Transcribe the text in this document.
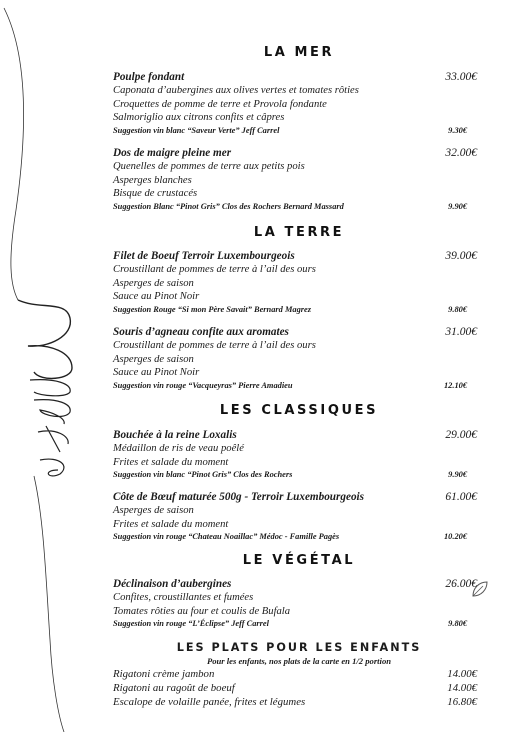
Plats
LA MER
Poulpe fondant	33.00€
Caponata d’aubergines aux olives vertes et tomates rôties
Croquettes de pomme de terre et Provola fondante
Salmoriglio aux citrons confits et câpres
Suggestion vin blanc “Saveur Verte” Jeff Carrel	9.30€
Dos de maigre pleine mer	32.00€
Quenelles de pommes de terre aux petits pois
Asperges blanches
Bisque de crustacés
Suggestion Blanc “Pinot Gris” Clos des Rochers Bernard Massard	9.90€
LA TERRE
Filet de Boeuf Terroir Luxembourgeois	39.00€
Croustillant de pommes de terre à l’ail des ours
Asperges de saison
Sauce au Pinot Noir
Suggestion Rouge “Si mon Père Savait” Bernard Magrez	9.80€
Souris d’agneau confite aux aromates	31.00€
Croustillant de pommes de terre à l’ail des ours
Asperges de saison
Sauce au Pinot Noir
Suggestion vin rouge “Vacqueyras” Pierre Amadieu	12.10€
LES CLASSIQUES
Bouchée à la reine Loxalis	29.00€
Médaillon de ris de veau poêlé
Frites et salade du moment
Suggestion vin blanc “Pinot Gris” Clos des Rochers	9.90€
Côte de Bœuf maturée 500g - Terroir Luxembourgeois	61.00€
Asperges de saison
Frites et salade du moment
Suggestion vin rouge “Chateau Noaillac” Médoc - Famille Pagès	10.20€
LE VÉGÉTAL
Déclinaison d’aubergines	26.00€
Confites, croustillantes et fumées
Tomates rôties au four et coulis de Bufala
Suggestion vin rouge “L’Éclipse” Jeff Carrel	9.80€
LES PLATS POUR LES ENFANTS
Pour les enfants, nos plats de la carte en 1/2 portion
Rigatoni crème jambon	14.00€
Rigatoni au ragoût de boeuf	14.00€
Escalope de volaille panée, frites et légumes	16.80€
